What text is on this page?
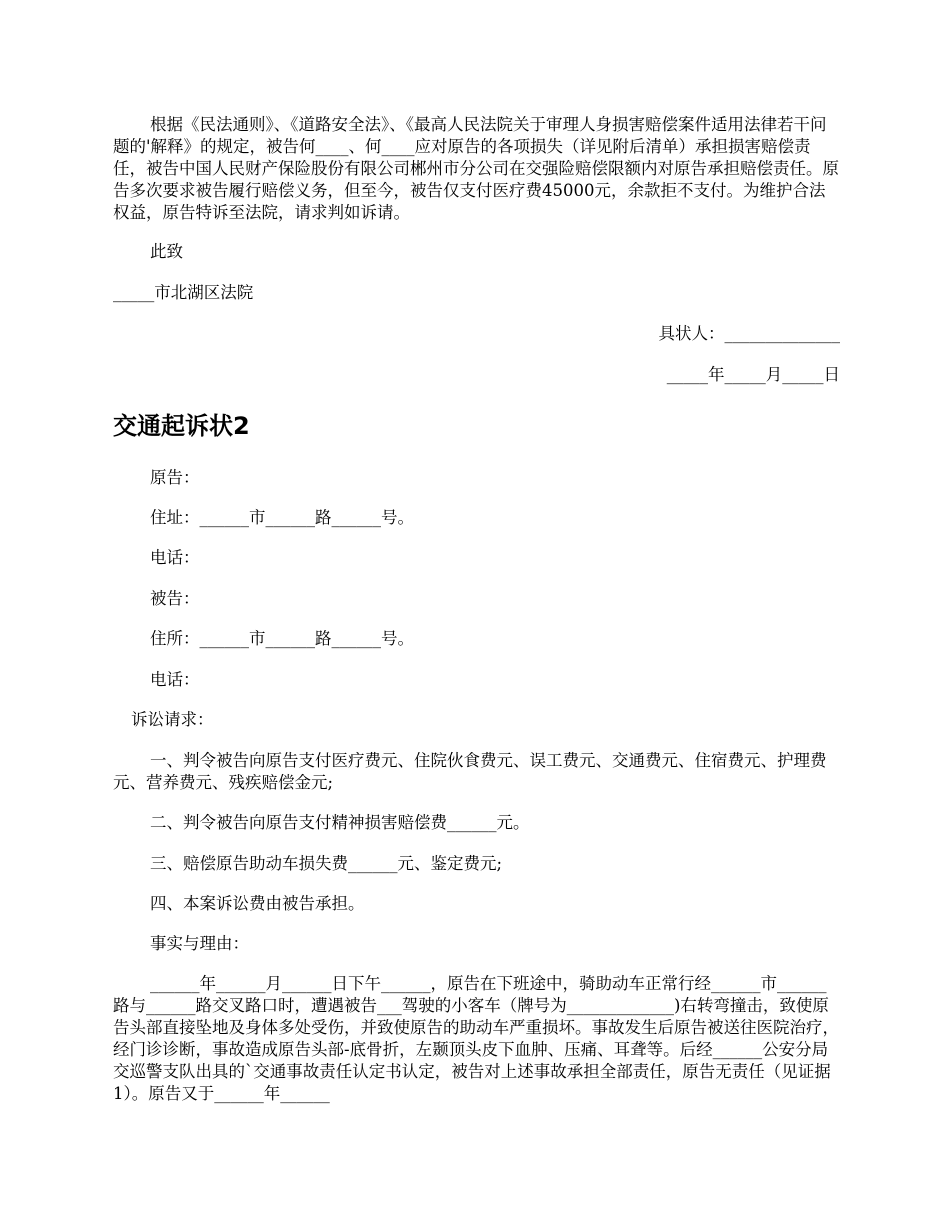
根据《民法通则》、《道路安全法》、《最高人民法院关于审理人身损害赔偿案件适用法律若干问题的'解释》的规定，被告何____、何____应对原告的各项损失（详见附后清单）承担损害赔偿责任，被告中国人民财产保险股份有限公司郴州市分公司在交强险赔偿限额内对原告承担赔偿责任。原告多次要求被告履行赔偿义务，但至今，被告仅支付医疗费45000元，余款拒不支付。为维护合法权益，原告特诉至法院，请求判如诉请。

此致

_____市北湖区法院

具状人：______________

_____年_____月_____日

交通起诉状2

原告：

住址：______市______路______号。

电话：

被告：

住所：______市______路______号。

电话：

诉讼请求：

一、判令被告向原告支付医疗费元、住院伙食费元、误工费元、交通费元、住宿费元、护理费元、营养费元、残疾赔偿金元;

二、判令被告向原告支付精神损害赔偿费______元。

三、赔偿原告助动车损失费______元、鉴定费元;

四、本案诉讼费由被告承担。

事实与理由：

______年______月______日下午______，原告在下班途中，骑助动车正常行经______市______路与______路交叉路口时，遭遇被告___驾驶的小客车（牌号为_____________)右转弯撞击，致使原告头部直接坠地及身体多处受伤，并致使原告的助动车严重损坏。事故发生后原告被送往医院治疗，经门诊诊断，事故造成原告头部-底骨折，左颞顶头皮下血肿、压痛、耳聋等。后经______公安分局交巡警支队出具的`交通事故责任认定书认定，被告对上述事故承担全部责任，原告无责任（见证据1）。原告又于______年______
